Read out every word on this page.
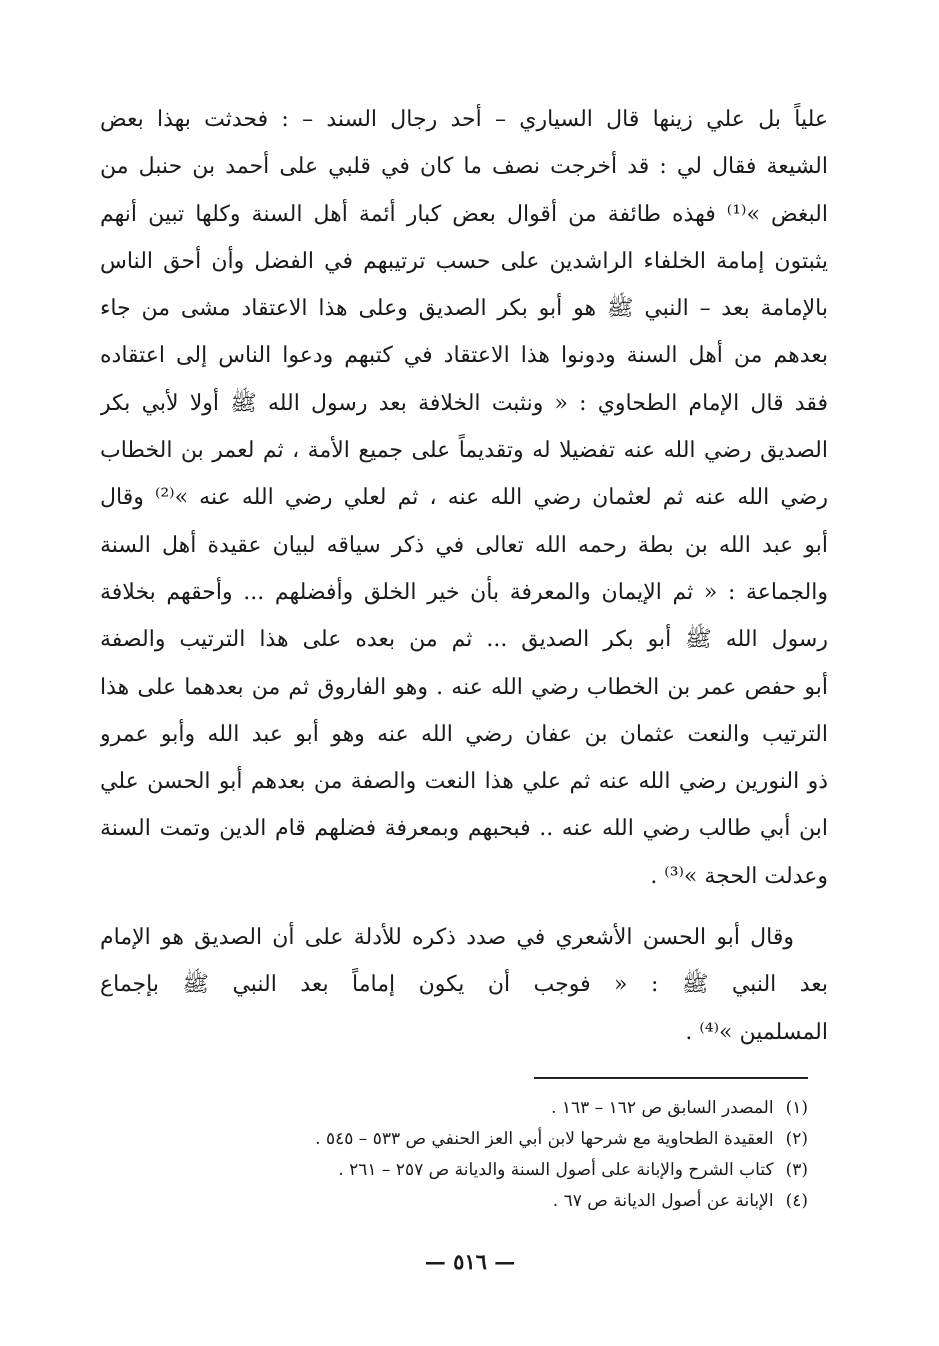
علياً بل علي زينها قال السياري – أحد رجال السند – : فحدثت بهذا بعض
الشيعة فقال لي : قد أخرجت نصف ما كان في قلبي على أحمد بن حنبل من
البغض »⁽¹⁾ فهذه طائفة من أقوال بعض كبار أئمة أهل السنة وكلها تبين أنهم
يثبتون إمامة الخلفاء الراشدين على حسب ترتيبهم في الفضل وأن أحق الناس
بالإمامة بعد – النبي ﷺ هو أبو بكر الصديق وعلى هذا الاعتقاد مشى من جاء
بعدهم من أهل السنة ودونوا هذا الاعتقاد في كتبهم ودعوا الناس إلى اعتقاده
فقد قال الإمام الطحاوي : « ونثبت الخلافة بعد رسول الله ﷺ أولا لأبي بكر
الصديق رضي الله عنه تفضيلا له وتقديماً على جميع الأمة ، ثم لعمر بن الخطاب
رضي الله عنه ثم لعثمان رضي الله عنه ، ثم لعلي رضي الله عنه »⁽²⁾ وقال
أبو عبد الله بن بطة رحمه الله تعالى في ذكر سياقه لبيان عقيدة أهل السنة
والجماعة : « ثم الإيمان والمعرفة بأن خير الخلق وأفضلهم ... وأحقهم بخلافة
رسول الله ﷺ أبو بكر الصديق ... ثم من بعده على هذا الترتيب والصفة
أبو حفص عمر بن الخطاب رضي الله عنه . وهو الفاروق ثم من بعدهما على هذا
الترتيب والنعت عثمان بن عفان رضي الله عنه وهو أبو عبد الله وأبو عمرو
ذو النورين رضي الله عنه ثم علي هذا النعت والصفة من بعدهم أبو الحسن علي
ابن أبي طالب رضي الله عنه .. فبحبهم وبمعرفة فضلهم قام الدين وتمت السنة
وعدلت الحجة »⁽³⁾ .
وقال أبو الحسن الأشعري في صدد ذكره للأدلة على أن الصديق هو الإمام
بعد النبي ﷺ : « فوجب أن يكون إماماً بعد النبي ﷺ بإجماع
المسلمين »⁽⁴⁾ .
(١)المصدر السابق ص ١٦٢ – ١٦٣ .
(٢)العقيدة الطحاوية مع شرحها لابن أبي العز الحنفي ص ٥٣٣ – ٥٤٥ .
(٣)كتاب الشرح والإبانة على أصول السنة والديانة ص ٢٥٧ – ٢٦١ .
(٤)الإبانة عن أصول الديانة ص ٦٧ .
— ٥١٦ —
